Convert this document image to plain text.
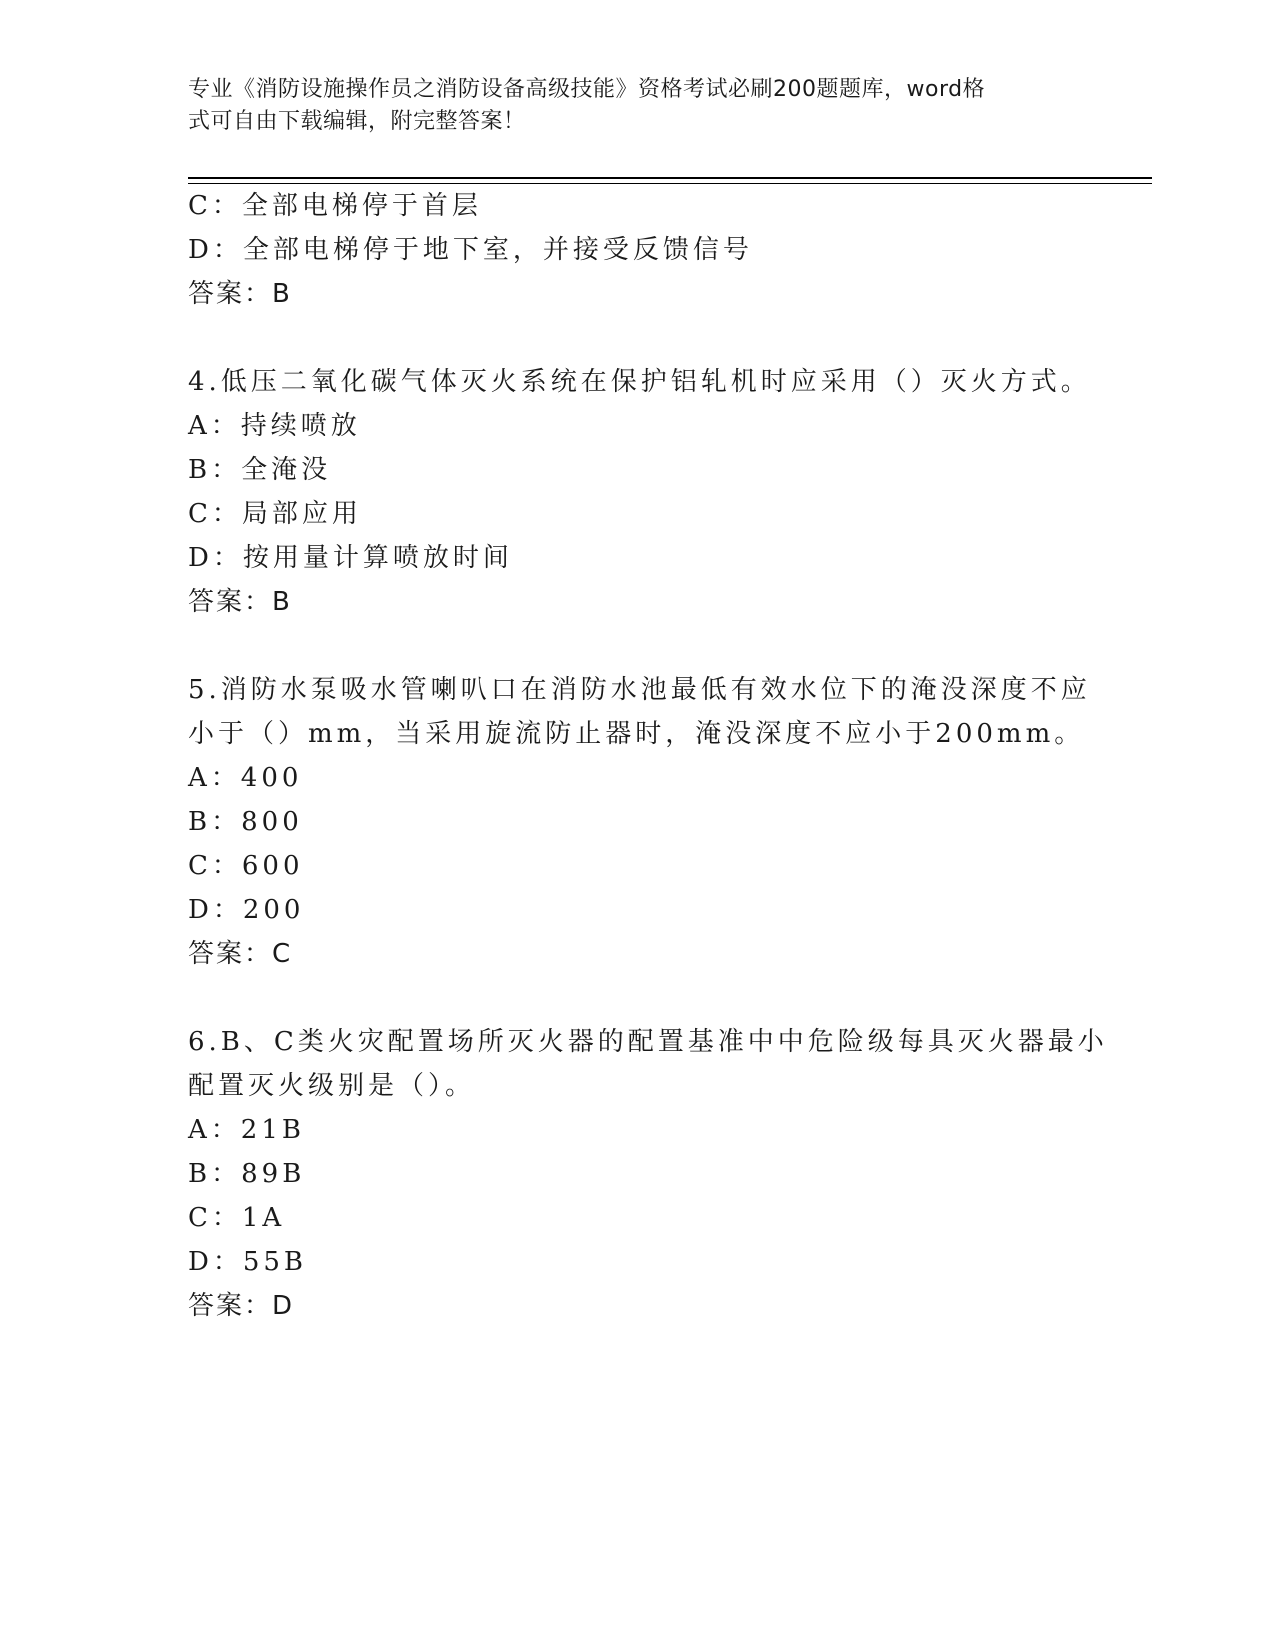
专业《消防设施操作员之消防设备高级技能》资格考试必刷200题题库，word格
式可自由下载编辑，附完整答案！
C：全部电梯停于首层
D：全部电梯停于地下室，并接受反馈信号
答案：B
4.低压二氧化碳气体灭火系统在保护铝轧机时应采用（）灭火方式。
A：持续喷放
B：全淹没
C：局部应用
D：按用量计算喷放时间
答案：B
5.消防水泵吸水管喇叭口在消防水池最低有效水位下的淹没深度不应
小于（）mm，当采用旋流防止器时，淹没深度不应小于200mm。
A：400
B：800
C：600
D：200
答案：C
6.B、C类火灾配置场所灭火器的配置基准中中危险级每具灭火器最小
配置灭火级别是（）。
A：21B
B：89B
C：1A
D：55B
答案：D
